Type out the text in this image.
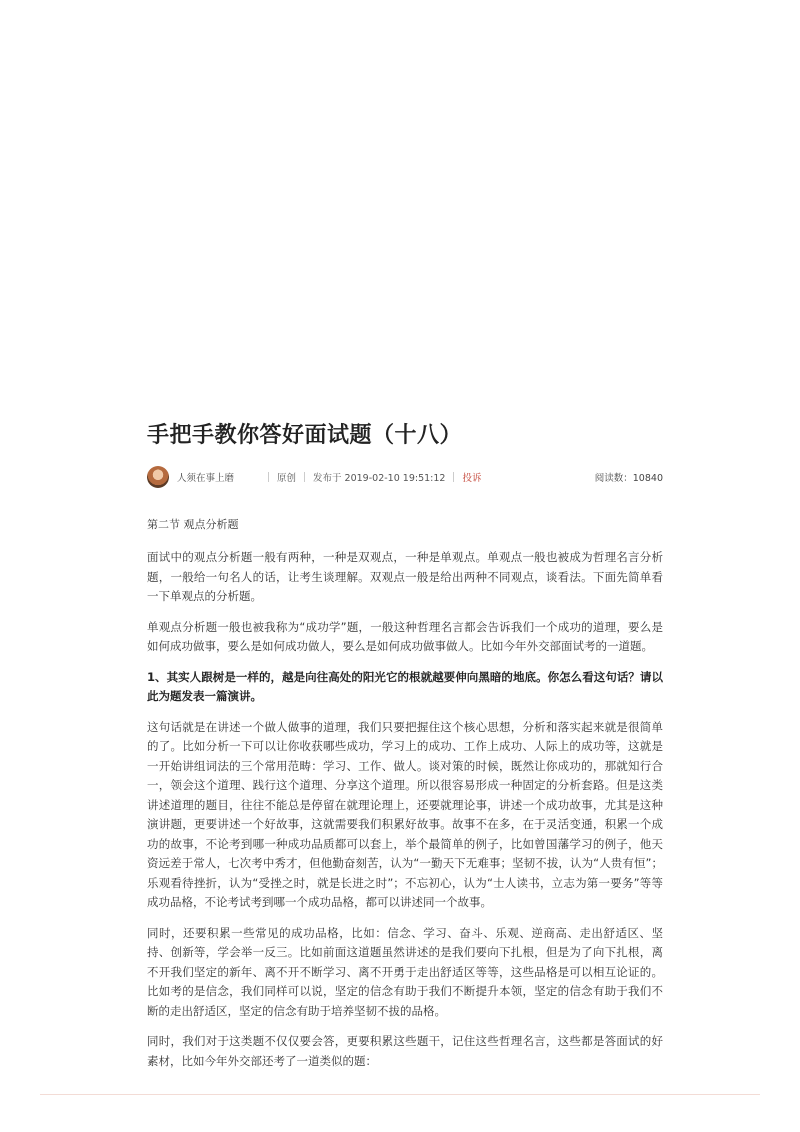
手把手教你答好面试题（十八）
人须在事上磨	原创 发布于 2019-02-10 19:51:12 投诉	阅读数：10840
第二节 观点分析题

面试中的观点分析题一般有两种，一种是双观点，一种是单观点。单观点一般也被成为哲理名言分析题，一般给一句名人的话，让考生谈理解。双观点一般是给出两种不同观点，谈看法。下面先简单看一下单观点的分析题。

单观点分析题一般也被我称为“成功学”题，一般这种哲理名言都会告诉我们一个成功的道理，要么是如何成功做事，要么是如何成功做人，要么是如何成功做事做人。比如今年外交部面试考的一道题。

1、其实人跟树是一样的，越是向往高处的阳光它的根就越要伸向黑暗的地底。你怎么看这句话？请以此为题发表一篇演讲。

这句话就是在讲述一个做人做事的道理，我们只要把握住这个核心思想，分析和落实起来就是很简单的了。比如分析一下可以让你收获哪些成功，学习上的成功、工作上成功、人际上的成功等，这就是一开始讲组词法的三个常用范畴：学习、工作、做人。谈对策的时候，既然让你成功的，那就知行合一，领会这个道理、践行这个道理、分享这个道理。所以很容易形成一种固定的分析套路。但是这类讲述道理的题目，往往不能总是停留在就理论理上，还要就理论事，讲述一个成功故事，尤其是这种演讲题，更要讲述一个好故事，这就需要我们积累好故事。故事不在多，在于灵活变通，积累一个成功的故事，不论考到哪一种成功品质都可以套上，举个最简单的例子，比如曾国藩学习的例子，他天资远差于常人，七次考中秀才，但他勤奋刻苦，认为“一勤天下无难事；坚韧不拔，认为“人贵有恒”；乐观看待挫折，认为“受挫之时，就是长进之时”；不忘初心，认为“士人读书，立志为第一要务”等等成功品格，不论考试考到哪一个成功品格，都可以讲述同一个故事。

同时，还要积累一些常见的成功品格，比如：信念、学习、奋斗、乐观、逆商高、走出舒适区、坚持、创新等，学会举一反三。比如前面这道题虽然讲述的是我们要向下扎根，但是为了向下扎根，离不开我们坚定的新年、离不开不断学习、离不开勇于走出舒适区等等，这些品格是可以相互论证的。比如考的是信念，我们同样可以说，坚定的信念有助于我们不断提升本领，坚定的信念有助于我们不断的走出舒适区，坚定的信念有助于培养坚韧不拔的品格。

同时，我们对于这类题不仅仅要会答，更要积累这些题干，记住这些哲理名言，这些都是答面试的好素材，比如今年外交部还考了一道类似的题：
